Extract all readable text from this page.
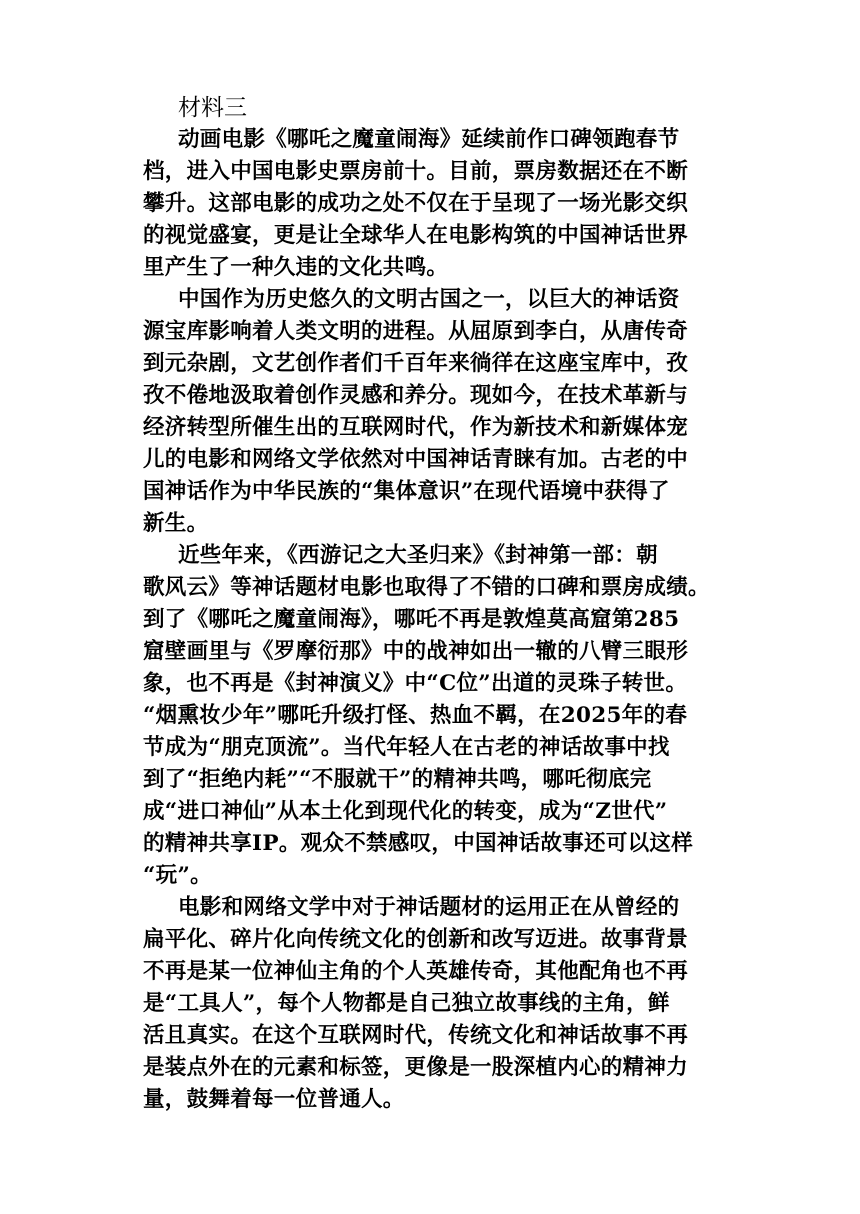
材料三
动画电影《哪吒之魔童闹海》延续前作口碑领跑春节
档，进入中国电影史票房前十。目前，票房数据还在不断
攀升。这部电影的成功之处不仅在于呈现了一场光影交织
的视觉盛宴，更是让全球华人在电影构筑的中国神话世界
里产生了一种久违的文化共鸣。
中国作为历史悠久的文明古国之一，以巨大的神话资
源宝库影响着人类文明的进程。从屈原到李白，从唐传奇
到元杂剧，文艺创作者们千百年来徜徉在这座宝库中，孜
孜不倦地汲取着创作灵感和养分。现如今，在技术革新与
经济转型所催生出的互联网时代，作为新技术和新媒体宠
儿的电影和网络文学依然对中国神话青睐有加。古老的中
国神话作为中华民族的“集体意识”在现代语境中获得了
新生。
近些年来，《西游记之大圣归来》《封神第一部：朝
歌风云》等神话题材电影也取得了不错的口碑和票房成绩。
到了《哪吒之魔童闹海》，哪吒不再是敦煌莫高窟第285
窟壁画里与《罗摩衍那》中的战神如出一辙的八臂三眼形
象，也不再是《封神演义》中“C位”出道的灵珠子转世。
“烟熏妆少年”哪吒升级打怪、热血不羁，在2025年的春
节成为“朋克顶流”。当代年轻人在古老的神话故事中找
到了“拒绝内耗”“不服就干”的精神共鸣，哪吒彻底完
成“进口神仙”从本土化到现代化的转变，成为“Z世代”
的精神共享IP。观众不禁感叹，中国神话故事还可以这样
“玩”。
电影和网络文学中对于神话题材的运用正在从曾经的
扁平化、碎片化向传统文化的创新和改写迈进。故事背景
不再是某一位神仙主角的个人英雄传奇，其他配角也不再
是“工具人”，每个人物都是自己独立故事线的主角，鲜
活且真实。在这个互联网时代，传统文化和神话故事不再
是装点外在的元素和标签，更像是一股深植内心的精神力
量，鼓舞着每一位普通人。
